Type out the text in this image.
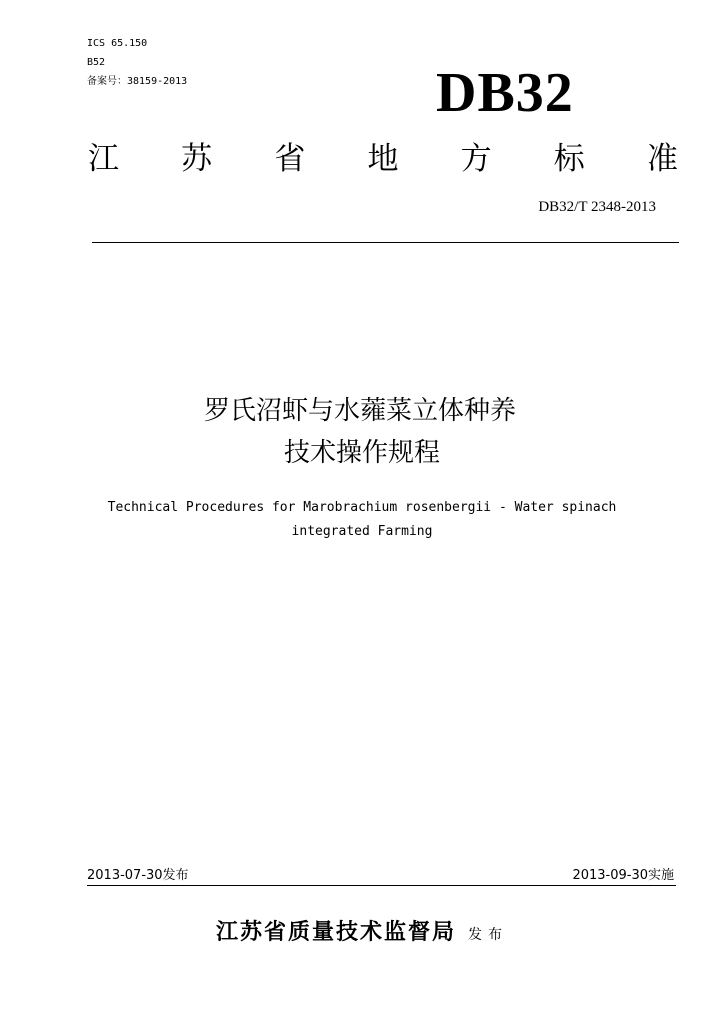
ICS 65.150
B52
备案号：38159-2013	DB32
江 苏 省 地 方 标 准
DB32/T 2348-2013
罗氏沼虾与水蕹菜立体种养
技术操作规程
Technical Procedures for Marobrachium rosenbergii - Water spinach
integrated Farming
2013-07-30发布	2013-09-30实施
江苏省质量技术监督局 发布
